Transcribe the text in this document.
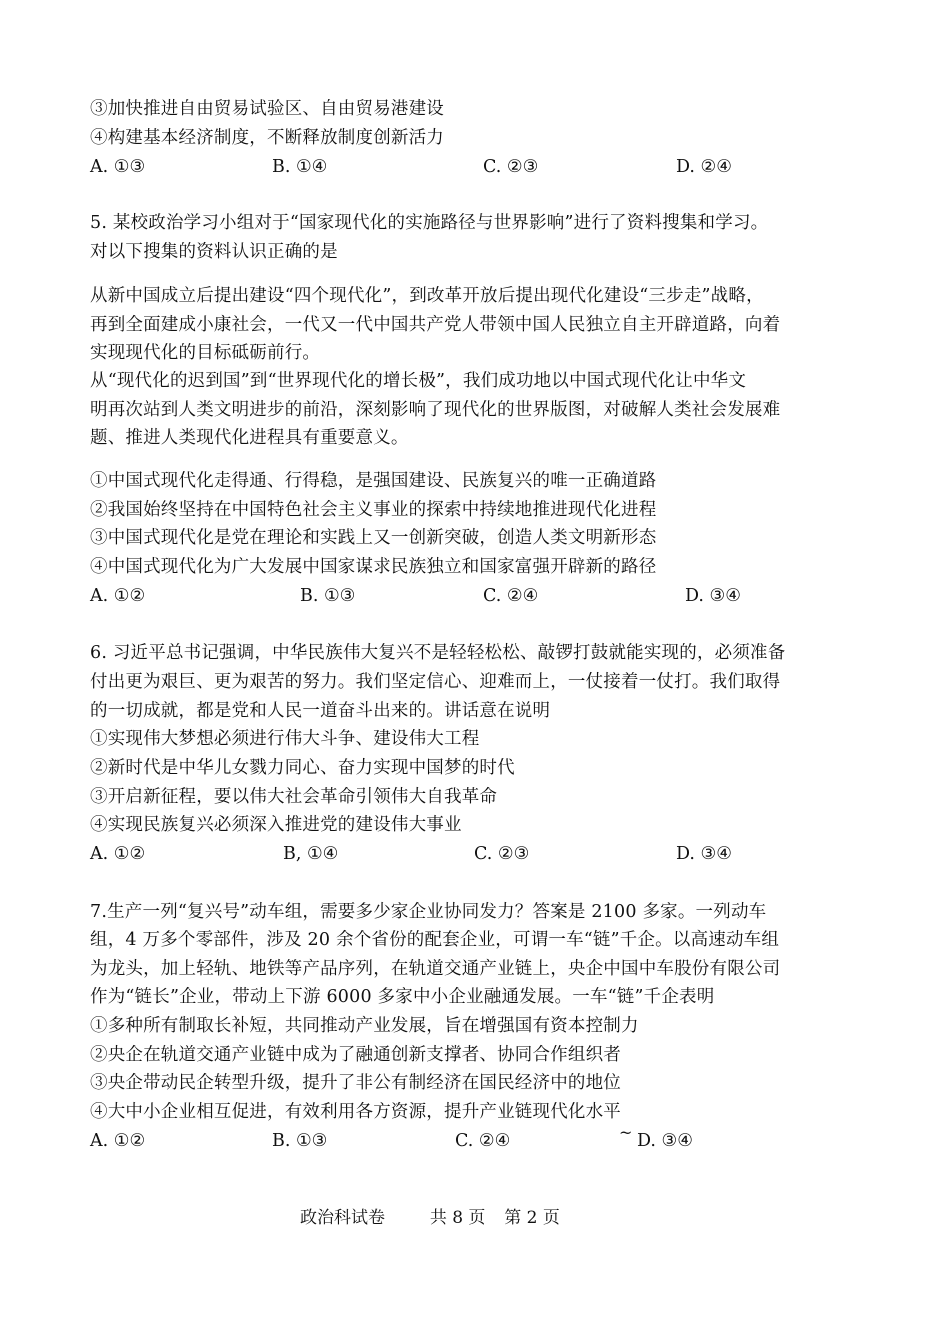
③加快推进自由贸易试验区、自由贸易港建设
④构建基本经济制度，不断释放制度创新活力
A. ①③	B. ①④	C. ②③	D. ②④
5. 某校政治学习小组对于“国家现代化的实施路径与世界影响”进行了资料搜集和学习。
对以下搜集的资料认识正确的是
从新中国成立后提出建设“四个现代化”，到改革开放后提出现代化建设“三步走”战略，
再到全面建成小康社会，一代又一代中国共产党人带领中国人民独立自主开辟道路，向着
实现现代化的目标砥砺前行。
从“现代化的迟到国”到“世界现代化的增长极”，我们成功地以中国式现代化让中华文
明再次站到人类文明进步的前沿，深刻影响了现代化的世界版图，对破解人类社会发展难
题、推进人类现代化进程具有重要意义。
①中国式现代化走得通、行得稳，是强国建设、民族复兴的唯一正确道路
②我国始终坚持在中国特色社会主义事业的探索中持续地推进现代化进程
③中国式现代化是党在理论和实践上又一创新突破，创造人类文明新形态
④中国式现代化为广大发展中国家谋求民族独立和国家富强开辟新的路径
A. ①②	B. ①③	C. ②④	D. ③④
6. 习近平总书记强调，中华民族伟大复兴不是轻轻松松、敲锣打鼓就能实现的，必须准备
付出更为艰巨、更为艰苦的努力。我们坚定信心、迎难而上，一仗接着一仗打。我们取得
的一切成就，都是党和人民一道奋斗出来的。讲话意在说明
①实现伟大梦想必须进行伟大斗争、建设伟大工程
②新时代是中华儿女戮力同心、奋力实现中国梦的时代
③开启新征程，要以伟大社会革命引领伟大自我革命
④实现民族复兴必须深入推进党的建设伟大事业
A. ①②	B, ①④	C. ②③	D. ③④
7.生产一列“复兴号”动车组，需要多少家企业协同发力？答案是 2100 多家。一列动车
组，4 万多个零部件，涉及 20 余个省份的配套企业，可谓一车“链”千企。以高速动车组
为龙头，加上轻轨、地铁等产品序列，在轨道交通产业链上，央企中国中车股份有限公司
作为“链长”企业，带动上下游 6000 多家中小企业融通发展。一车“链”千企表明
①多种所有制取长补短，共同推动产业发展，旨在增强国有资本控制力
②央企在轨道交通产业链中成为了融通创新支撑者、协同合作组织者
③央企带动民企转型升级，提升了非公有制经济在国民经济中的地位
④大中小企业相互促进，有效利用各方资源，提升产业链现代化水平
A. ①②	B. ①③	C. ②④	~ D. ③④
政治科试卷	共 8 页 第 2 页
